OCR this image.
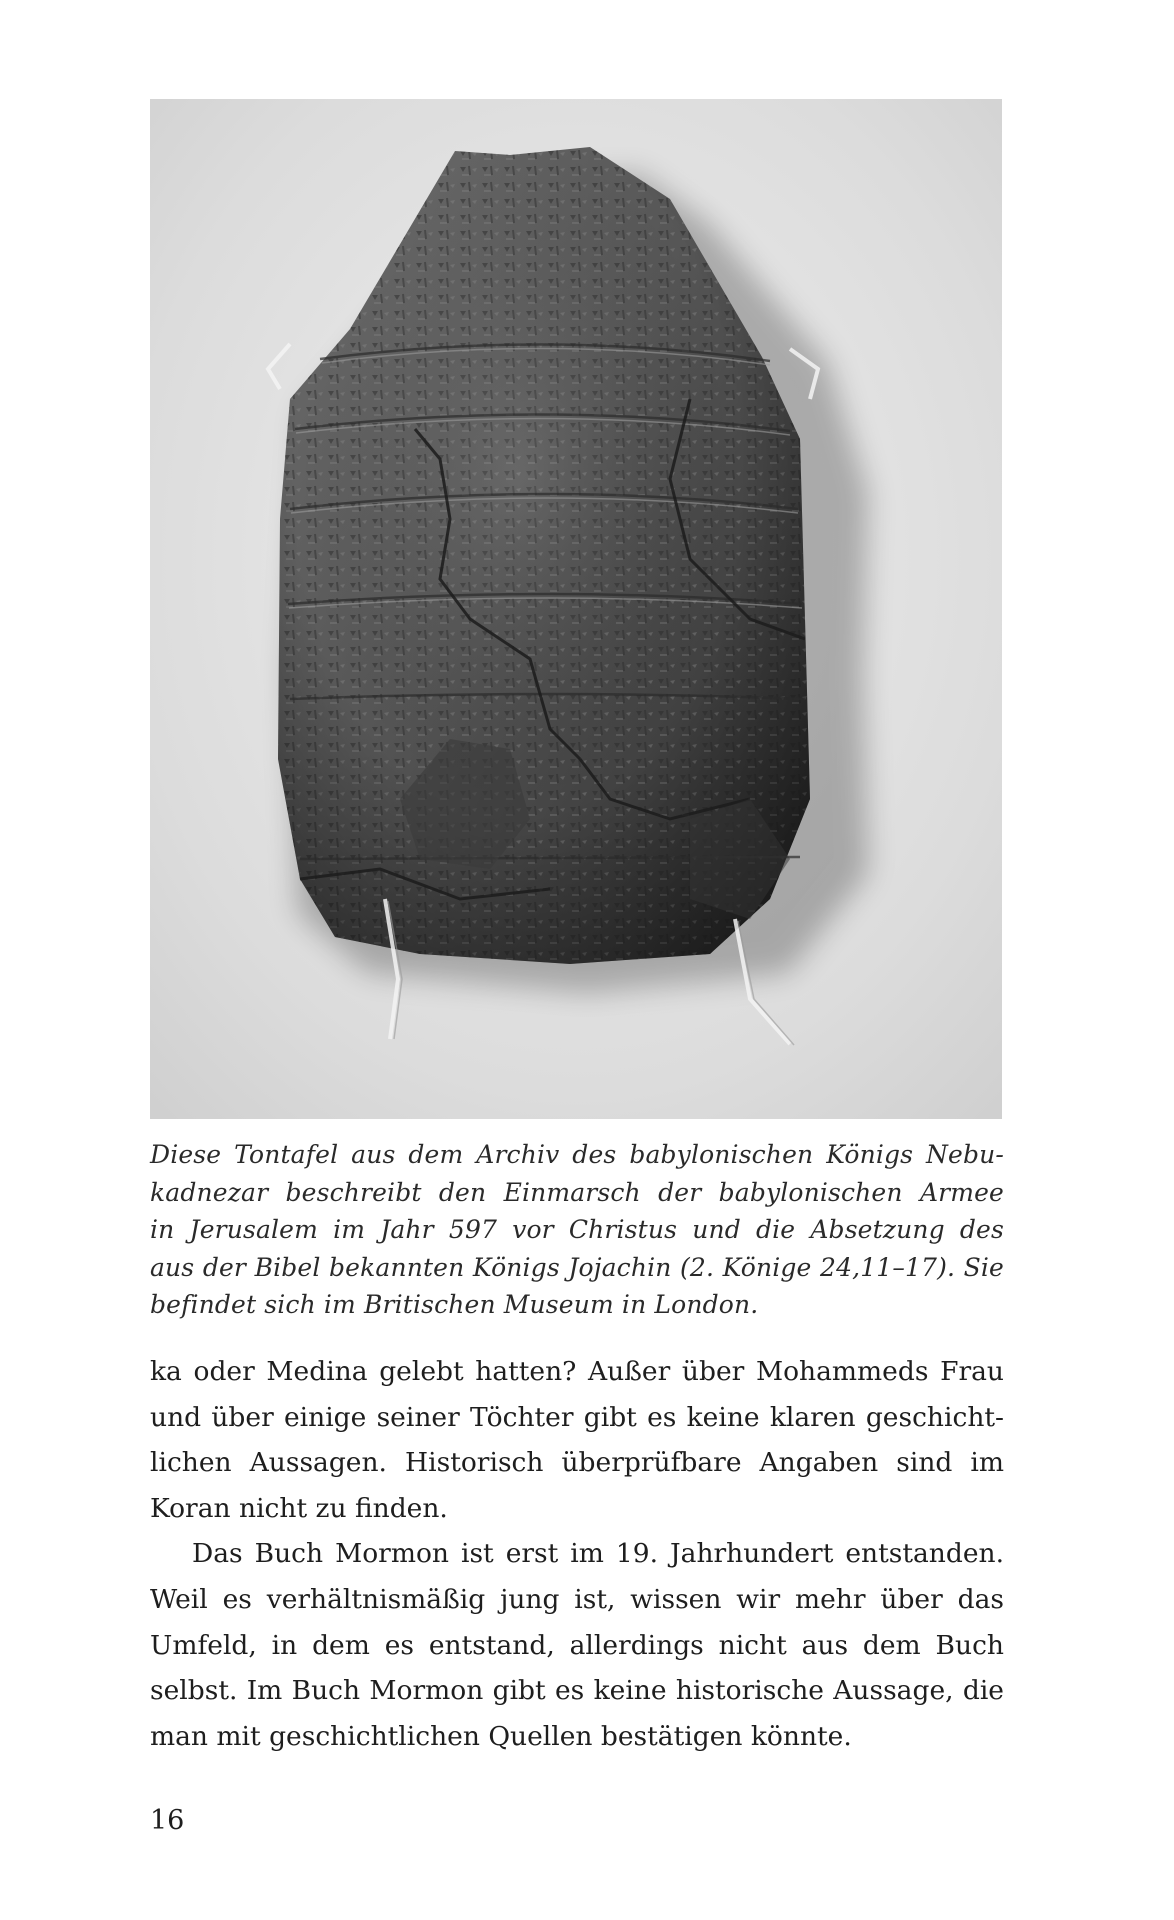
Diese Tontafel aus dem Archiv des babylonischen Königs Nebu-
kadnezar beschreibt den Einmarsch der babylonischen Armee
in Jerusalem im Jahr 597 vor Christus und die Absetzung des
aus der Bibel bekannten Königs Jojachin (2. Könige 24,11–17). Sie
befindet sich im Britischen Museum in London.

ka oder Medina gelebt hatten? Außer über Mohammeds Frau
und über einige seiner Töchter gibt es keine klaren geschicht-
lichen Aussagen. Historisch überprüfbare Angaben sind im
Koran nicht zu finden.
Das Buch Mormon ist erst im 19. Jahrhundert entstanden.
Weil es verhältnismäßig jung ist, wissen wir mehr über das
Umfeld, in dem es entstand, allerdings nicht aus dem Buch
selbst. Im Buch Mormon gibt es keine historische Aussage, die
man mit geschichtlichen Quellen bestätigen könnte.
16
